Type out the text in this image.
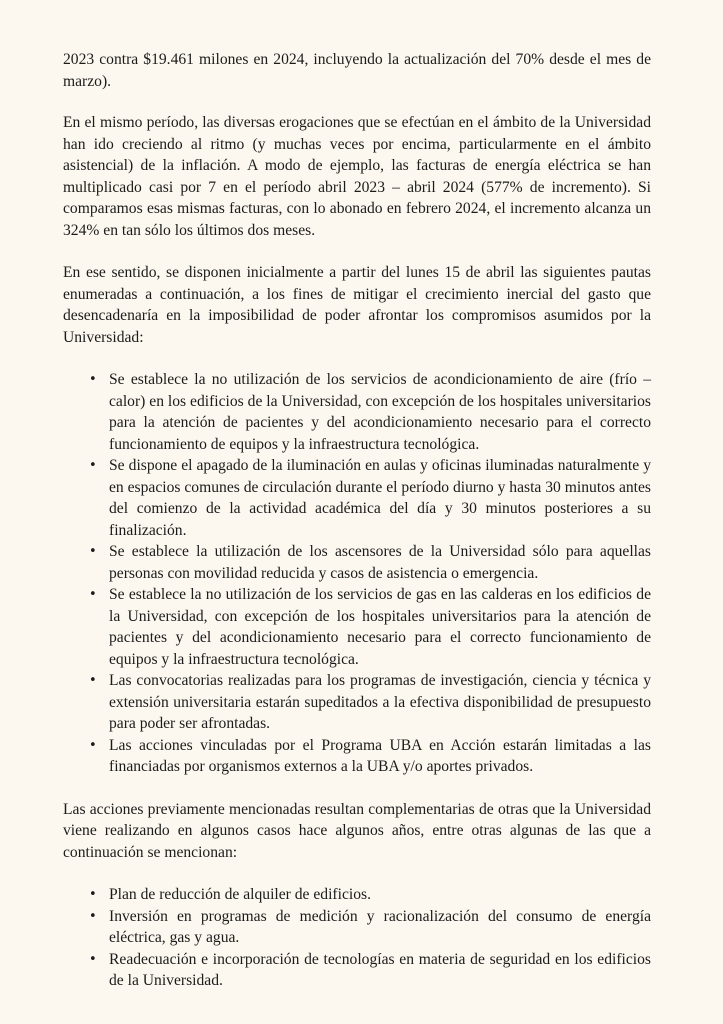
2023 contra $19.461 milones en 2024, incluyendo la actualización del 70% desde el mes de marzo).

En el mismo período, las diversas erogaciones que se efectúan en el ámbito de la Universidad han ido creciendo al ritmo (y muchas veces por encima, particularmente en el ámbito asistencial) de la inflación. A modo de ejemplo, las facturas de energía eléctrica se han multiplicado casi por 7 en el período abril 2023 – abril 2024 (577% de incremento). Si comparamos esas mismas facturas, con lo abonado en febrero 2024, el incremento alcanza un 324% en tan sólo los últimos dos meses.

En ese sentido, se disponen inicialmente a partir del lunes 15 de abril las siguientes pautas enumeradas a continuación, a los fines de mitigar el crecimiento inercial del gasto que desencadenaría en la imposibilidad de poder afrontar los compromisos asumidos por la Universidad:

• Se establece la no utilización de los servicios de acondicionamiento de aire (frío – calor) en los edificios de la Universidad, con excepción de los hospitales universitarios para la atención de pacientes y del acondicionamiento necesario para el correcto funcionamiento de equipos y la infraestructura tecnológica.
• Se dispone el apagado de la iluminación en aulas y oficinas iluminadas naturalmente y en espacios comunes de circulación durante el período diurno y hasta 30 minutos antes del comienzo de la actividad académica del día y 30 minutos posteriores a su finalización.
• Se establece la utilización de los ascensores de la Universidad sólo para aquellas personas con movilidad reducida y casos de asistencia o emergencia.
• Se establece la no utilización de los servicios de gas en las calderas en los edificios de la Universidad, con excepción de los hospitales universitarios para la atención de pacientes y del acondicionamiento necesario para el correcto funcionamiento de equipos y la infraestructura tecnológica.
• Las convocatorias realizadas para los programas de investigación, ciencia y técnica y extensión universitaria estarán supeditados a la efectiva disponibilidad de presupuesto para poder ser afrontadas.
• Las acciones vinculadas por el Programa UBA en Acción estarán limitadas a las financiadas por organismos externos a la UBA y/o aportes privados.

Las acciones previamente mencionadas resultan complementarias de otras que la Universidad viene realizando en algunos casos hace algunos años, entre otras algunas de las que a continuación se mencionan:

• Plan de reducción de alquiler de edificios.
• Inversión en programas de medición y racionalización del consumo de energía eléctrica, gas y agua.
• Readecuación e incorporación de tecnologías en materia de seguridad en los edificios de la Universidad.
